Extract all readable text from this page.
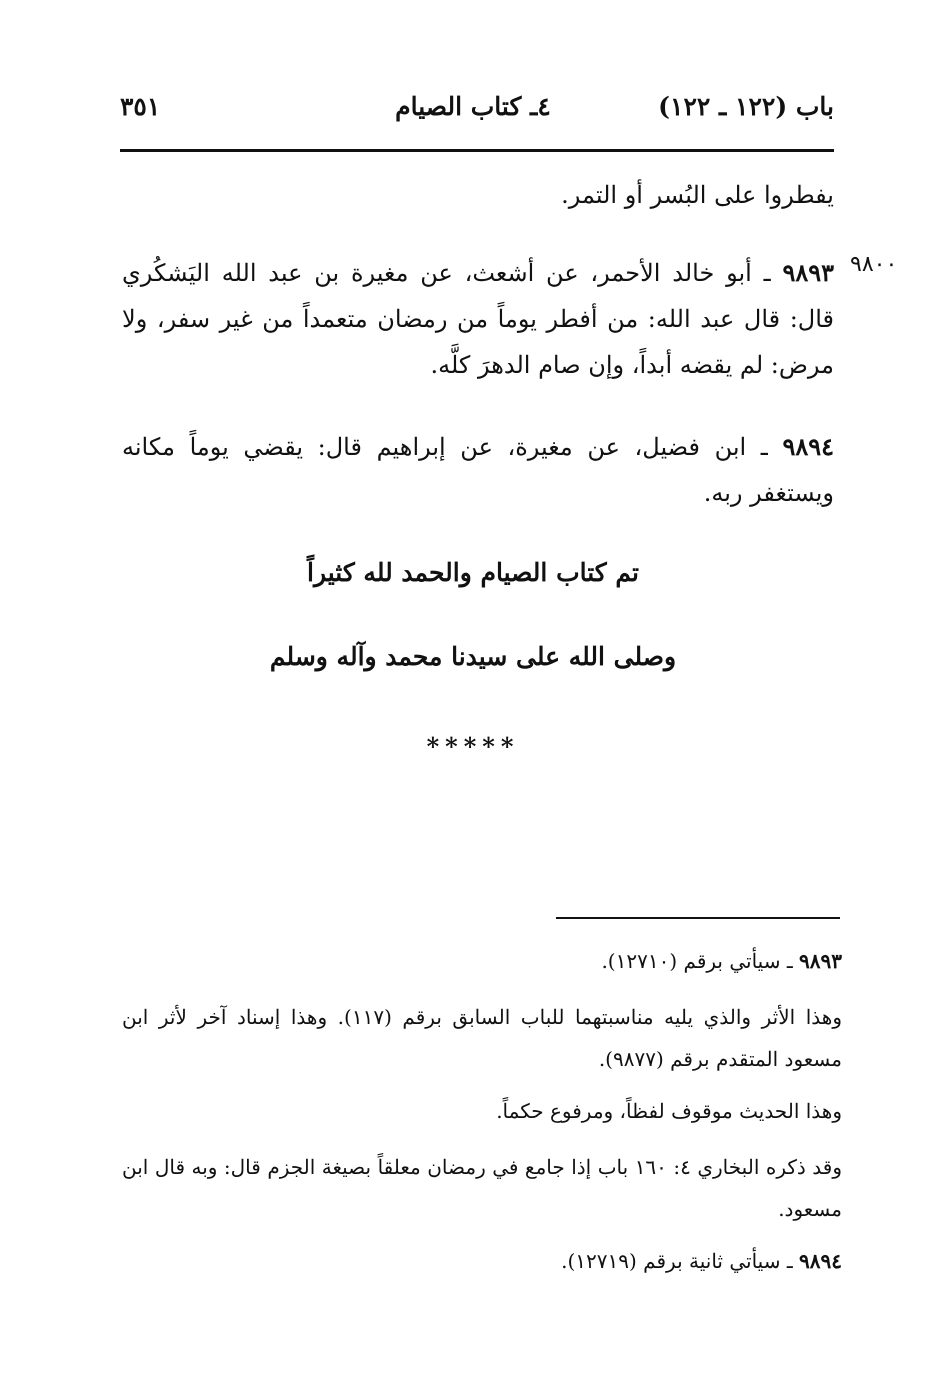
باب (١٢٢ ـ ١٢٢)
٤ـ كتاب الصيام
٣٥١
يفطروا على البُسر أو التمر.
٩٨٠٠
٩٨٩٣ ـ أبو خالد الأحمر، عن أشعث، عن مغيرة بن عبد الله اليَشكُري قال: قال عبد الله: من أفطر يوماً من رمضان متعمداً من غير سفر، ولا مرض: لم يقضه أبداً، وإن صام الدهرَ كلَّه.
٩٨٩٤ ـ ابن فضيل، عن مغيرة، عن إبراهيم قال: يقضي يوماً مكانه ويستغفر ربه.
تم كتاب الصيام والحمد لله كثيراً
وصلى الله على سيدنا محمد وآله وسلم
*****
٩٨٩٣ ـ سيأتي برقم (١٢٧١٠).
وهذا الأثر والذي يليه مناسبتهما للباب السابق برقم (١١٧). وهذا إسناد آخر لأثر ابن مسعود المتقدم برقم (٩٨٧٧).
وهذا الحديث موقوف لفظاً، ومرفوع حكماً.
وقد ذكره البخاري ٤: ١٦٠ باب إذا جامع في رمضان معلقاً بصيغة الجزم قال: وبه قال ابن مسعود.
٩٨٩٤ ـ سيأتي ثانية برقم (١٢٧١٩).
